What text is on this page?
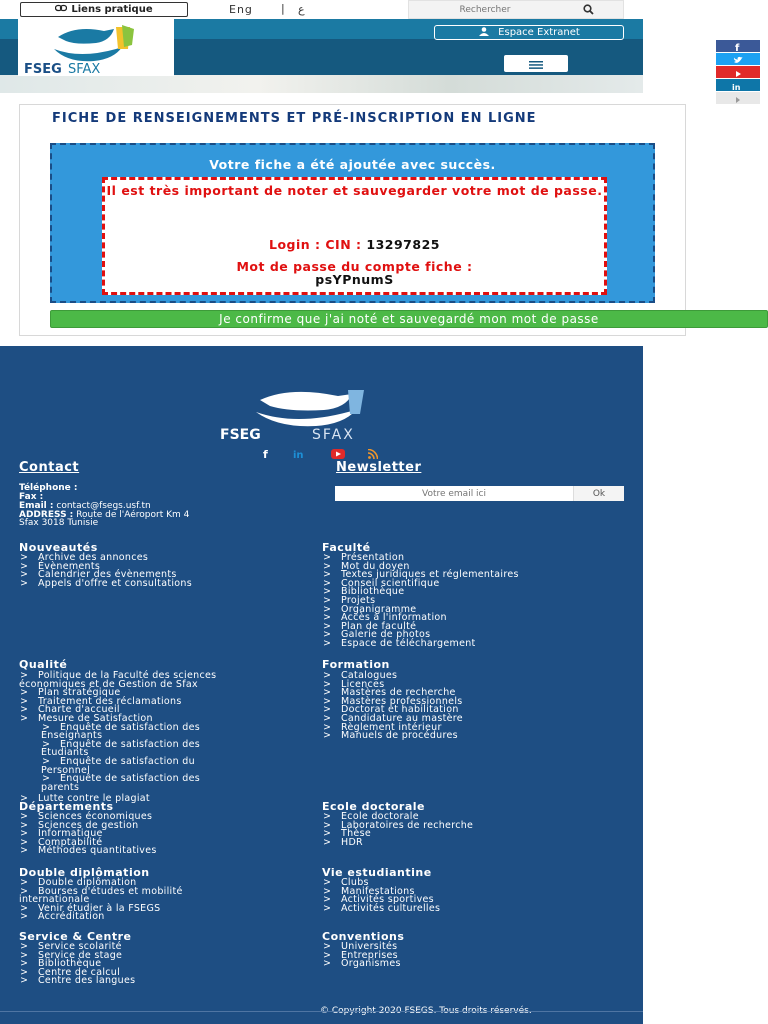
Liens pratique	Eng	| ع
Rechercher
FSEG SFAX
Espace Extranet
f
in
FICHE DE RENSEIGNEMENTS ET PRÉ-INSCRIPTION EN LIGNE
Votre fiche a été ajoutée avec succès.
Il est très important de noter et sauvegarder votre mot de passe.
Login : CIN : 13297825
Mot de passe du compte fiche :
psYPnumS
Je confirme que j'ai noté et sauvegardé mon mot de passe
FSEG	SFAX
f	in
Contact
Téléphone :
Fax :
Email : contact@fsegs.usf.tn
ADDRESS : Route de l'Aéroport Km 4
Sfax 3018 Tunisie
Newsletter
Votre email ici
Ok
Nouveautés
> Archive des annonces
> Évènements
> Calendrier des évènements
> Appels d'offre et consultations
Faculté
> Présentation
> Mot du doyen
> Textes juridiques et réglementaires
> Conseil scientifique
> Bibliothèque
> Projets
> Organigramme
> Accès à l'information
> Plan de faculté
> Galerie de photos
> Espace de téléchargement
Qualité
> Politique de la Faculté des sciences
économiques et de Gestion de Sfax
> Plan stratégique
> Traitement des réclamations
> Charte d'accueil
> Mesure de Satisfaction
> Enquête de satisfaction des
Enseignants
> Enquête de satisfaction des
Etudiants
> Enquête de satisfaction du
Personnel
> Enquête de satisfaction des
parents
> Lutte contre le plagiat
Formation
> Catalogues
> Licences
> Mastères de recherche
> Mastères professionnels
> Doctorat et habilitation
> Candidature au mastère
> Règlement intérieur
> Manuels de procédures
Départements
> Sciences économiques
> Sciences de gestion
> Informatique
> Comptabilité
> Méthodes quantitatives
Ecole doctorale
> Ecole doctorale
> Laboratoires de recherche
> Thèse
> HDR
Double diplômation
> Double diplômation
> Bourses d'études et mobilité
internationale
> Venir étudier à la FSEGS
> Accréditation
Vie estudiantine
> Clubs
> Manifestations
> Activités sportives
> Activités culturelles
Service & Centre
> Service scolarité
> Service de stage
> Bibliothèque
> Centre de calcul
> Centre des langues
Conventions
> Universités
> Entreprises
> Organismes
© Copyright 2020 FSEGS. Tous droits réservés.
